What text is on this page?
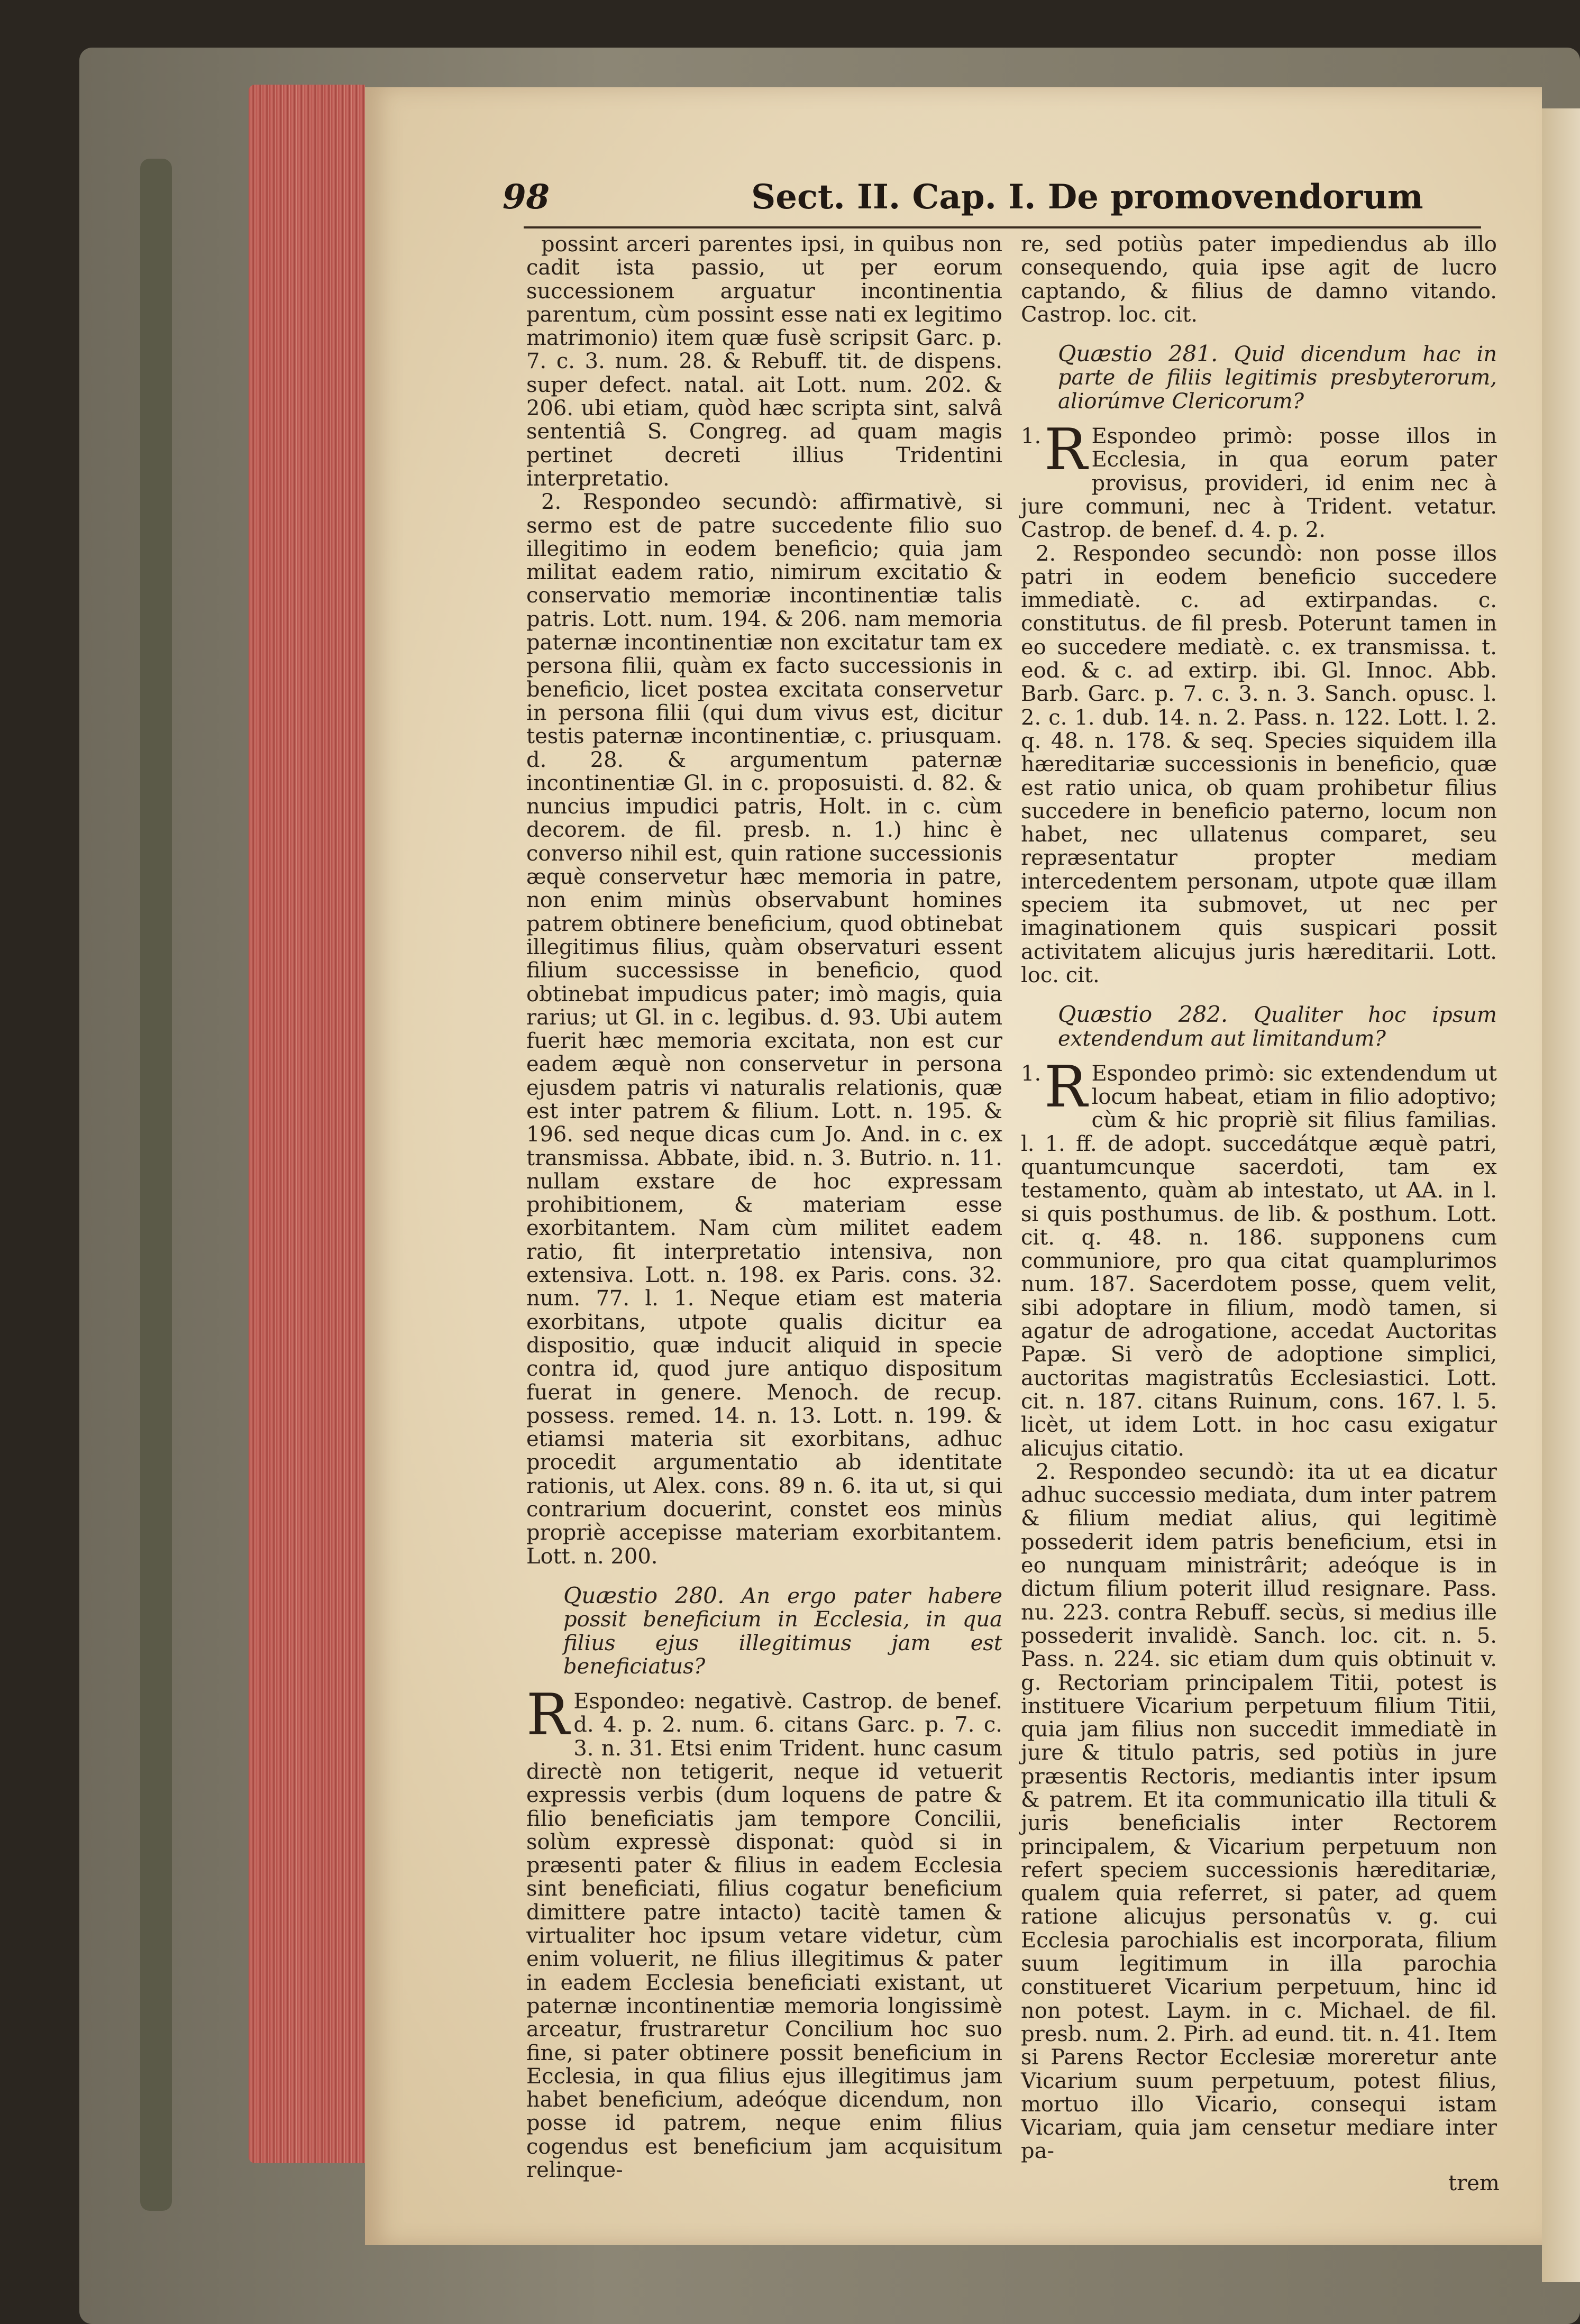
98	Sect. II. Cap. I. De promovendorum

possint arceri parentes ipsi, in quibus non cadit ista passio, ut per eorum successionem arguatur incontinentia parentum, cùm possint esse nati ex legitimo matrimonio) item quæ fusè scripsit Garc. p. 7. c. 3. num. 28. & Rebuff. tit. de dispens. super defect. natal. ait Lott. num. 202. & 206. ubi etiam, quòd hæc scripta sint, salvâ sententiâ S. Congreg. ad quam magis pertinet decreti illius Tridentini interpretatio.

2. Respondeo secundò: affirmativè, si sermo est de patre succedente filio suo illegitimo in eodem beneficio; quia jam militat eadem ratio, nimirum excitatio & conservatio memoriæ incontinentiæ talis patris. Lott. num. 194. & 206. nam memoria paternæ incontinentiæ non excitatur tam ex persona filii, quàm ex facto successionis in beneficio, licet postea excitata conservetur in persona filii (qui dum vivus est, dicitur testis paternæ incontinentiæ, c. priusquam. d. 28. & argumentum paternæ incontinentiæ Gl. in c. proposuisti. d. 82. & nuncius impudici patris, Holt. in c. cùm decorem. de fil. presb. n. 1.) hinc è converso nihil est, quin ratione successionis æquè conservetur hæc memoria in patre, non enim minùs observabunt homines patrem obtinere beneficium, quod obtinebat illegitimus filius, quàm observaturi essent filium successisse in beneficio, quod obtinebat impudicus pater; imò magis, quia rarius; ut Gl. in c. legibus. d. 93. Ubi autem fuerit hæc memoria excitata, non est cur eadem æquè non conservetur in persona ejusdem patris vi naturalis relationis, quæ est inter patrem & filium. Lott. n. 195. & 196. sed neque dicas cum Jo. And. in c. ex transmissa. Abbate, ibid. n. 3. Butrio. n. 11. nullam exstare de hoc expressam prohibitionem, & materiam esse exorbitantem. Nam cùm militet eadem ratio, fit interpretatio intensiva, non extensiva. Lott. n. 198. ex Paris. cons. 32. num. 77. l. 1. Neque etiam est materia exorbitans, utpote qualis dicitur ea dispositio, quæ inducit aliquid in specie contra id, quod jure antiquo dispositum fuerat in genere. Menoch. de recup. possess. remed. 14. n. 13. Lott. n. 199. & etiamsi materia sit exorbitans, adhuc procedit argumentatio ab identitate rationis, ut Alex. cons. 89 n. 6. ita ut, si qui contrarium docuerint, constet eos minùs propriè accepisse materiam exorbitantem. Lott. n. 200.

Quæstio 280. An ergo pater habere possit beneficium in Ecclesia, in qua filius ejus illegitimus jam est beneficiatus?

R Espondeo: negativè. Castrop. de benef. d. 4. p. 2. num. 6. citans Garc. p. 7. c. 3. n. 31. Etsi enim Trident. hunc casum directè non tetigerit, neque id vetuerit expressis verbis (dum loquens de patre & filio beneficiatis jam tempore Concilii, solùm expressè disponat: quòd si in præsenti pater & filius in eadem Ecclesia sint beneficiati, filius cogatur beneficium dimittere patre intacto) tacitè tamen & virtualiter hoc ipsum vetare videtur, cùm enim voluerit, ne filius illegitimus & pater in eadem Ecclesia beneficiati existant, ut paternæ incontinentiæ memoria longissimè arceatur, frustraretur Concilium hoc suo fine, si pater obtinere possit beneficium in Ecclesia, in qua filius ejus illegitimus jam habet beneficium, adeóque dicendum, non posse id patrem, neque enim filius cogendus est beneficium jam acquisitum relinque-

re, sed potiùs pater impediendus ab illo consequendo, quia ipse agit de lucro captando, & filius de damno vitando. Castrop. loc. cit.

Quæstio 281. Quid dicendum hac in parte de filiis legitimis presbyterorum, aliorúmve Clericorum?

1. R Espondeo primò: posse illos in Ecclesia, in qua eorum pater provisus, provideri, id enim nec à jure communi, nec à Trident. vetatur. Castrop. de benef. d. 4. p. 2.

2. Respondeo secundò: non posse illos patri in eodem beneficio succedere immediatè. c. ad extirpandas. c. constitutus. de fil presb. Poterunt tamen in eo succedere mediatè. c. ex transmissa. t. eod. & c. ad extirp. ibi. Gl. Innoc. Abb. Barb. Garc. p. 7. c. 3. n. 3. Sanch. opusc. l. 2. c. 1. dub. 14. n. 2. Pass. n. 122. Lott. l. 2. q. 48. n. 178. & seq. Species siquidem illa hæreditariæ successionis in beneficio, quæ est ratio unica, ob quam prohibetur filius succedere in beneficio paterno, locum non habet, nec ullatenus comparet, seu repræsentatur propter mediam intercedentem personam, utpote quæ illam speciem ita submovet, ut nec per imaginationem quis suspicari possit activitatem alicujus juris hæreditarii. Lott. loc. cit.

Quæstio 282. Qualiter hoc ipsum extendendum aut limitandum?

1. R Espondeo primò: sic extendendum ut locum habeat, etiam in filio adoptivo; cùm & hic propriè sit filius familias. l. 1. ff. de adopt. succedátque æquè patri, quantumcunque sacerdoti, tam ex testamento, quàm ab intestato, ut AA. in l. si quis posthumus. de lib. & posthum. Lott. cit. q. 48. n. 186. supponens cum communiore, pro qua citat quamplurimos num. 187. Sacerdotem posse, quem velit, sibi adoptare in filium, modò tamen, si agatur de adrogatione, accedat Auctoritas Papæ. Si verò de adoptione simplici, auctoritas magistratûs Ecclesiastici. Lott. cit. n. 187. citans Ruinum, cons. 167. l. 5. licèt, ut idem Lott. in hoc casu exigatur alicujus citatio.

2. Respondeo secundò: ita ut ea dicatur adhuc successio mediata, dum inter patrem & filium mediat alius, qui legitimè possederit idem patris beneficium, etsi in eo nunquam ministrârit; adeóque is in dictum filium poterit illud resignare. Pass. nu. 223. contra Rebuff. secùs, si medius ille possederit invalidè. Sanch. loc. cit. n. 5. Pass. n. 224. sic etiam dum quis obtinuit v. g. Rectoriam principalem Titii, potest is instituere Vicarium perpetuum filium Titii, quia jam filius non succedit immediatè in jure & titulo patris, sed potiùs in jure præsentis Rectoris, mediantis inter ipsum & patrem. Et ita communicatio illa tituli & juris beneficialis inter Rectorem principalem, & Vicarium perpetuum non refert speciem successionis hæreditariæ, qualem quia referret, si pater, ad quem ratione alicujus personatûs v. g. cui Ecclesia parochialis est incorporata, filium suum legitimum in illa parochia constitueret Vicarium perpetuum, hinc id non potest. Laym. in c. Michael. de fil. presb. num. 2. Pirh. ad eund. tit. n. 41. Item si Parens Rector Ecclesiæ moreretur ante Vicarium suum perpetuum, potest filius, mortuo illo Vicario, consequi istam Vicariam, quia jam censetur mediare inter pa-

trem
